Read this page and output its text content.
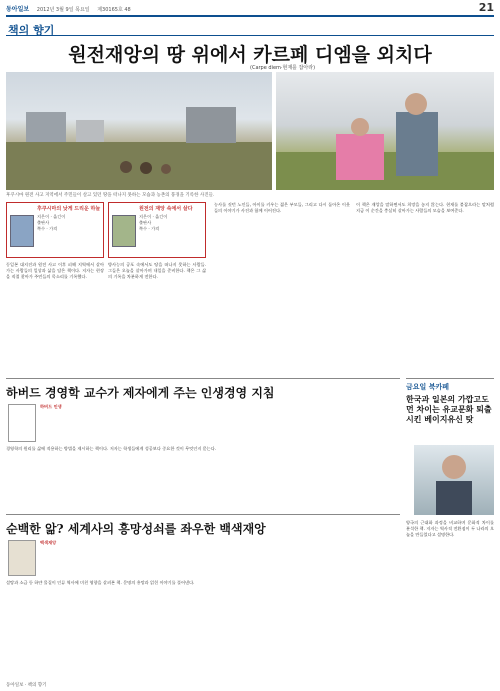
동아일보 2012년 3월 9일 목요일 제30165호 48	21
책의 향기
원전재앙의 땅 위에서 카르페 디엠을 외치다
(Carpe diem·현재를 잡아라)
후쿠시마 원전 사고 지역에서 주민들이 살고 있던 땅을 떠나지 못하는 모습과 농촌의 풍경을 기록한 사진들.
후쿠시마의 낮게 드리운 하늘
지은이 · 옮긴이
출판사
쪽수 · 가격
원전의 재앙 속에서 살다
지은이 · 옮긴이
출판사
쪽수 · 가격

동일본 대지진과 원전 사고 이후 피해 지역에서 살아가는 사람들의 일상과 삶을 담은 책이다. 저자는 현장을 직접 찾아가 주민들의 목소리를 기록했다.

방사능의 공포 속에서도 땅을 떠나지 못하는 사람들. 그들은 오늘을 살아가며 내일을 준비한다. 책은 그 삶의 기록을 차분하게 전한다.

농사를 짓던 노인들, 아이를 키우는 젊은 부모들, 그리고 다시 돌아온 이웃들의 이야기가 사진과 함께 이어진다.

이 책은 재앙을 말하면서도 희망을 놓지 않는다. 현재를 붙잡으라는 말처럼 지금 이 순간을 충실히 살아가는 사람들의 모습을 보여준다.

하버드 경영학 교수가 제자에게 주는 인생경영 지침
하버드 인생

경영학의 원리를 삶에 적용하는 방법을 제시하는 책이다. 저자는 학생들에게 성공보다 중요한 것이 무엇인지 묻는다.

순백한 앎? 세계사의 흥망성쇠를 좌우한 백색재앙
백색재앙

설탕과 소금 등 하얀 물질이 인류 역사에 미친 영향을 살펴본 책. 문명의 흥망과 얽힌 이야기를 풀어낸다.

금요일 북카페
한국과 일본의 가깝고도 먼 차이는 유교문화 퇴출시킨 베이지유신 탓

양국의 근대화 과정을 비교하며 문화적 차이를 분석한 책. 저자는 역사적 전환점이 두 나라의 오늘을 만들었다고 설명한다.

동아일보 · 책의 향기
